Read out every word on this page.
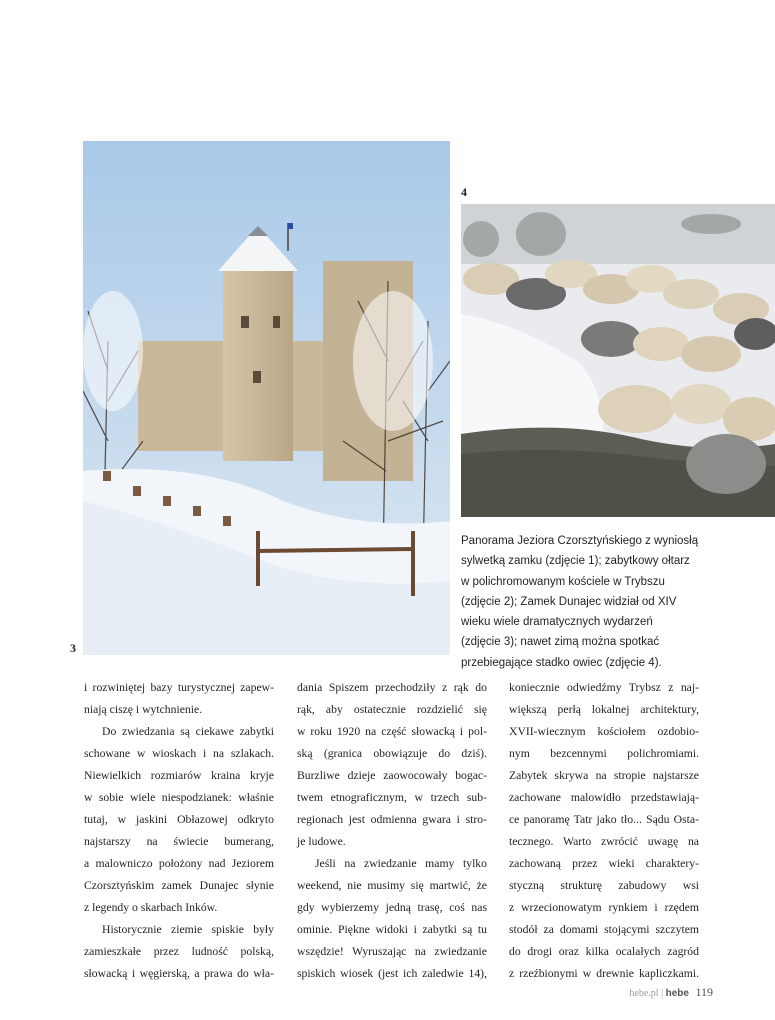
3
4
Panorama Jeziora Czorsztyńskiego z wyniosłą
sylwetką zamku (zdjęcie 1); zabytkowy ołtarz
w polichromowanym kościele w Trybszu
(zdjęcie 2); Zamek Dunajec widział od XIV
wieku wiele dramatycznych wydarzeń
(zdjęcie 3); nawet zimą można spotkać
przebiegające stadko owiec (zdjęcie 4).
i rozwiniętej bazy turystycznej zapew-
niają ciszę i wytchnienie.
Do zwiedzania są ciekawe zabytki
schowane w wioskach i na szlakach.
Niewielkich rozmiarów kraina kryje
w sobie wiele niespodzianek: właśnie
tutaj, w jaskini Obłazowej odkryto
najstarszy na świecie bumerang,
a malowniczo położony nad Jeziorem
Czorsztyńskim zamek Dunajec słynie
z legendy o skarbach Inków.
Historycznie ziemie spiskie były
zamieszkałe przez ludność polską,
słowacką i węgierską, a prawa do wła-
dania Spiszem przechodziły z rąk do
rąk, aby ostatecznie rozdzielić się
w roku 1920 na część słowacką i pol-
ską (granica obowiązuje do dziś).
Burzliwe dzieje zaowocowały bogac-
twem etnograficznym, w trzech sub-
regionach jest odmienna gwara i stro-
je ludowe.
Jeśli na zwiedzanie mamy tylko
weekend, nie musimy się martwić, że
gdy wybierzemy jedną trasę, coś nas
ominie. Piękne widoki i zabytki są tu
wszędzie! Wyruszając na zwiedzanie
spiskich wiosek (jest ich zaledwie 14),
koniecznie odwiedźmy Trybsz z naj-
większą perłą lokalnej architektury,
XVII-wiecznym kościołem ozdobio-
nym bezcennymi polichromiami.
Zabytek skrywa na stropie najstarsze
zachowane malowidło przedstawiają-
ce panoramę Tatr jako tło... Sądu Osta-
tecznego. Warto zwrócić uwagę na
zachowaną przez wieki charaktery-
styczną strukturę zabudowy wsi
z wrzecionowatym rynkiem i rzędem
stodół za domami stojącymi szczytem
do drogi oraz kilka ocalałych zagród
z rzeźbionymi w drewnie kapliczkami.
hebe.pl | hebe 119
